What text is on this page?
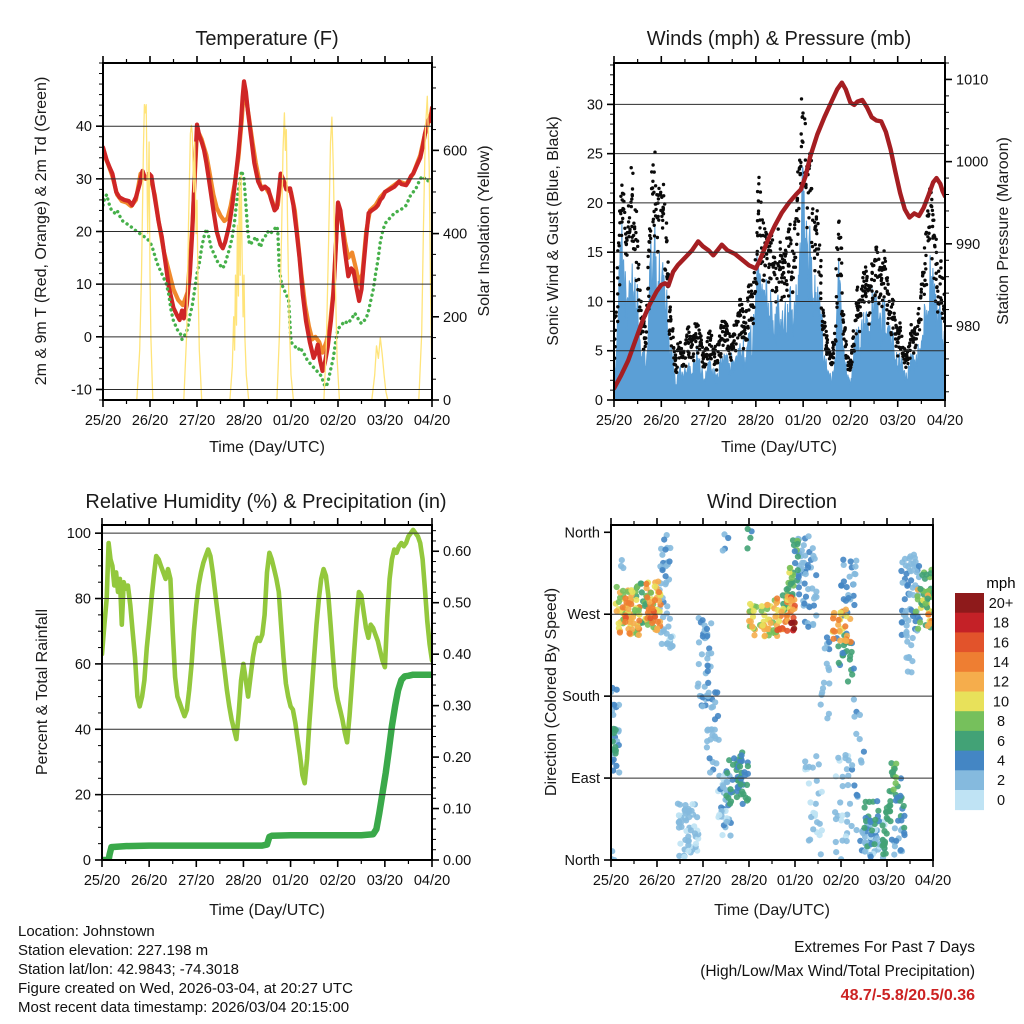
25/20 26/20 27/20 28/20 01/20 02/20 03/20 04/20
-10
0
10
20
30
40
0
200
400
600
25/20 26/20 27/20 28/20 01/20 02/20 03/20 04/20
0
5
10
15
20
25
30
980
990
1000
1010
25/20 26/20 27/20 28/20 01/20 02/20 03/20 04/20
0
20
40
60
80
100
0.00
0.10
0.20
0.30
0.40
0.50
0.60
25/20 26/20 27/20 28/20 01/20 02/20 03/20 04/20
North
East
South
West
North
20+
18
16
14
12
10
8
6
4
2
0
Temperature (F)
2m & 9m T (Red, Orange) & 2m Td (Green)	Solar Insolation (Yellow)
Time (Day/UTC)
Winds (mph) & Pressure (mb)
Sonic Wind & Gust (Blue, Black)	Station Pressure (Maroon)
Time (Day/UTC)
Relative Humidity (%) & Precipitation (in)
Percent & Total Rainfall
Time (Day/UTC)
Wind Direction
Direction (Colored By Speed)
Time (Day/UTC)
mph
Location: Johnstown
Station elevation: 227.198 m
Station lat/lon: 42.9843; -74.3018
Figure created on Wed, 2026-03-04, at 20:27 UTC
Most recent data timestamp: 2026/03/04 20:15:00
Extremes For Past 7 Days
(High/Low/Max Wind/Total Precipitation)
48.7/-5.8/20.5/0.36
